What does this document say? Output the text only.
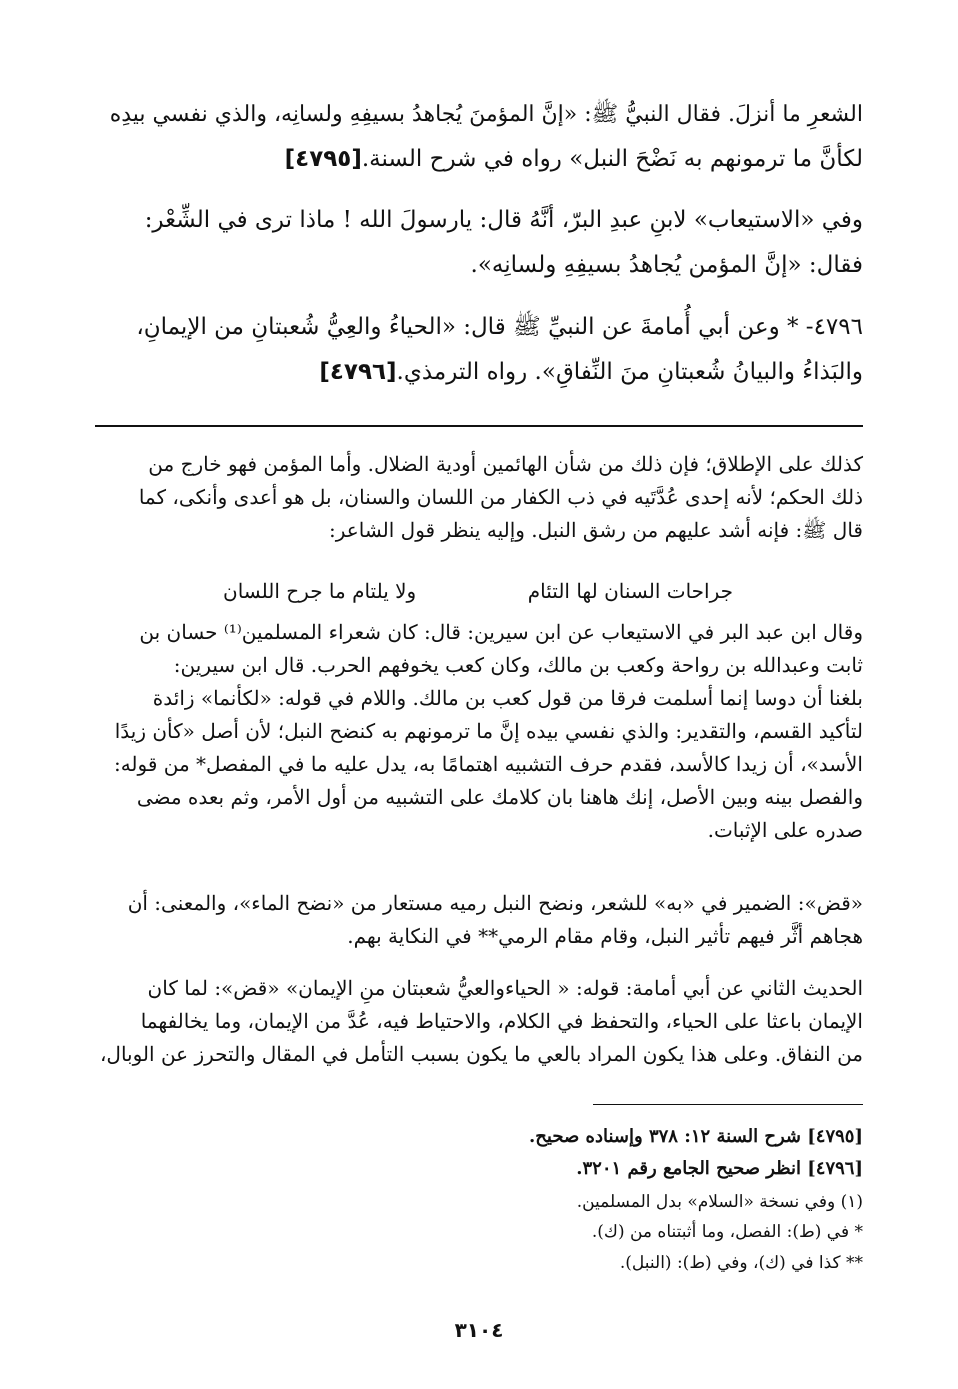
الشعرِ ما أنزلَ. فقال النبيُّ ﷺ: «إنَّ المؤمنَ يُجاهدُ بسيفِهِ ولسانِه، والذي نفسي بيدِه
لكأنَّ ما ترمونهم به نَضْحَ النبل» رواه في شرح السنة.[٤٧٩٥]
وفي «الاستيعاب» لابنِ عبدِ البرّ، أنَّهُ قال: يارسولَ الله ! ماذا ترى في الشِّعْر:
فقال: «إنَّ المؤمن يُجاهدُ بسيفِهِ ولسانِه».
٤٧٩٦- * وعن أبي أُمامةَ عن النبيِّ ﷺ قال: «الحياءُ والعِيُّ شُعبتانِ من الإيمانِ،
والبَذاءُ والبيانُ شُعبتانِ منَ النِّفاقِ». رواه الترمذي.[٤٧٩٦]
كذلك على الإطلاق؛ فإن ذلك من شأن الهائمين أودية الضلال. وأما المؤمن فهو خارج من
ذلك الحكم؛ لأنه إحدى عُدَّتَيه في ذب الكفار من اللسان والسنان، بل هو أعدى وأنكى، كما
قال ﷺ: فإنه أشد عليهم من رشق النبل. وإليه ينظر قول الشاعر:
جراحات السنان لها التئام
ولا يلتام ما جرح اللسان
وقال ابن عبد البر في الاستيعاب عن ابن سيرين: قال: كان شعراء المسلمين⁽¹⁾ حسان بن
ثابت وعبدالله بن رواحة وكعب بن مالك، وكان كعب يخوفهم الحرب. قال ابن سيرين:
بلغنا أن دوسا إنما أسلمت فرقا من قول كعب بن مالك. واللام في قوله: «لكأنما» زائدة
لتأكيد القسم، والتقدير: والذي نفسي بيده إنَّ ما ترمونهم به كنضح النبل؛ لأن أصل «كأن زيدًا
الأسد»، أن زيدا كالأسد، فقدم حرف التشبيه اهتمامًا به، يدل عليه ما في المفصل* من قوله:
والفصل بينه وبين الأصل، إنك هاهنا بان كلامك على التشبيه من أول الأمر، وثم بعده مضى
صدره على الإثبات.
«قض»: الضمير في «به» للشعر، ونضح النبل رميه مستعار من «نضح الماء»، والمعنى: أن
هجاهم أثَّر فيهم تأثير النبل، وقام مقام الرمي** في النكاية بهم.
الحديث الثاني عن أبي أمامة: قوله: « الحياءوالعيُّ شعبتان منِ الإيمان» «قض»: لما كان
الإيمان باعثا على الحياء، والتحفظ في الكلام، والاحتياط فيه، عُدَّ من الإيمان، وما يخالفهما
من النفاق. وعلى هذا يكون المراد بالعي ما يكون بسبب التأمل في المقال والتحرز عن الوبال،
[٤٧٩٥] شرح السنة ١٢: ٣٧٨ وإسناده صحيح.
[٤٧٩٦] انظر صحيح الجامع رقم ٣٢٠١.
(١) وفي نسخة «السلام» بدل المسلمين.
* في (ط): الفصل، وما أثبتناه من (ك).
** كذا في (ك)، وفي (ط): (النبل).
٣١٠٤
